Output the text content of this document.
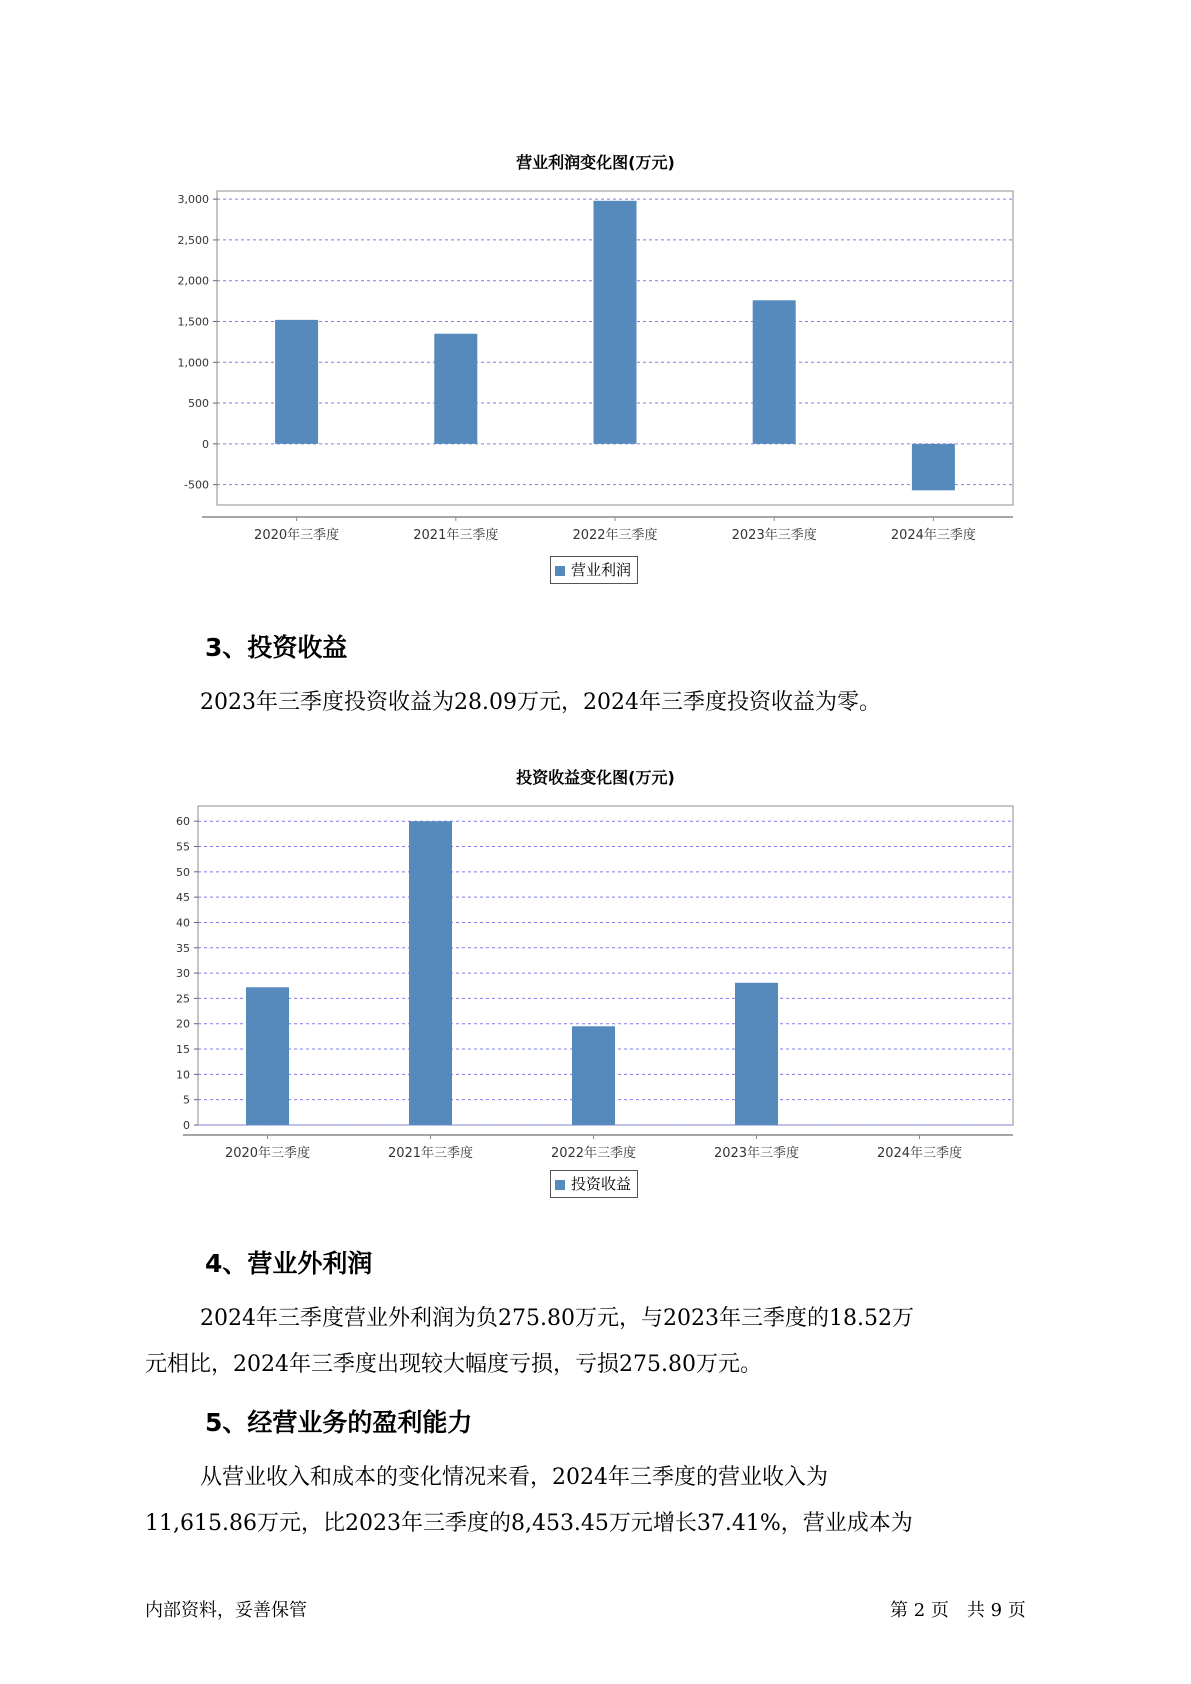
营业利润变化图(万元)
3,000
2,500
2,000
1,500
1,000
500
0
-500
2020年三季度	2021年三季度	2022年三季度	2023年三季度	2024年三季度
营业利润
3、投资收益
2023年三季度投资收益为28.09万元，2024年三季度投资收益为零。
投资收益变化图(万元)
60
55
50
45
40
35
30
25
20
15
10
5
0
2020年三季度	2021年三季度	2022年三季度	2023年三季度	2024年三季度
投资收益
4、营业外利润
2024年三季度营业外利润为负275.80万元，与2023年三季度的18.52万
元相比，2024年三季度出现较大幅度亏损，亏损275.80万元。
5、经营业务的盈利能力
从营业收入和成本的变化情况来看，2024年三季度的营业收入为
11,615.86万元，比2023年三季度的8,453.45万元增长37.41%，营业成本为
内部资料，妥善保管	第 2 页　共 9 页
